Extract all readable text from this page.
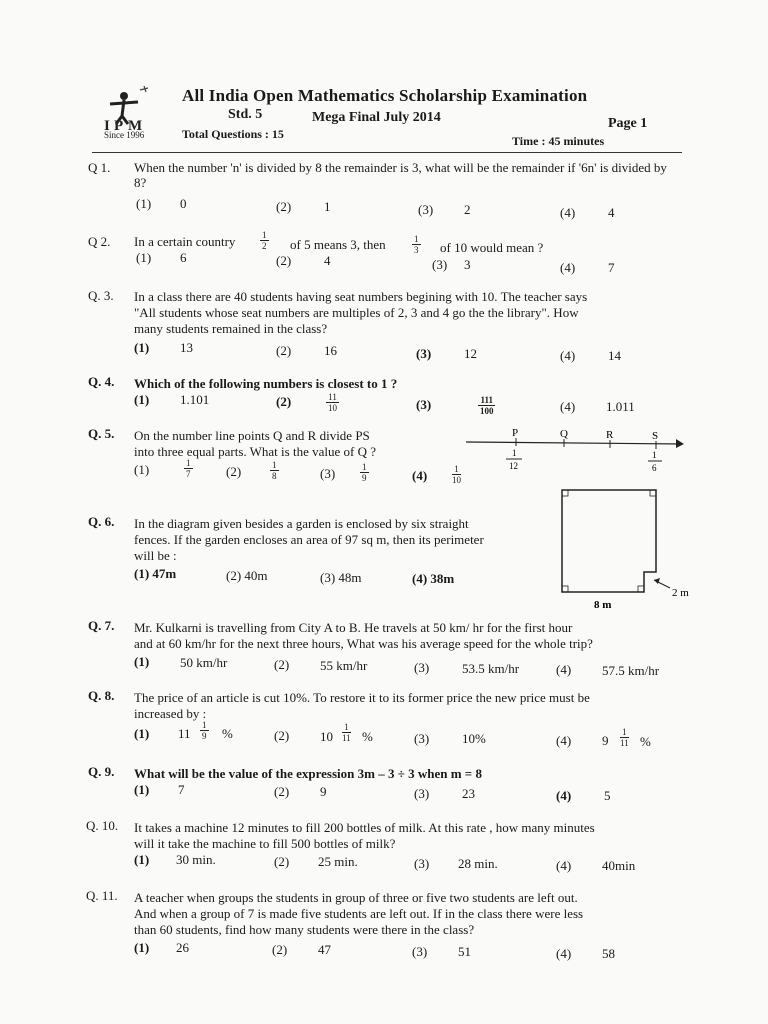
I P M
Since 1996
All India Open Mathematics Scholarship Examination
Std. 5	Mega Final July 2014	Page 1
Total Questions : 15	Time : 45 minutes
Q 1. When the number 'n' is divided by 8 the remainder is 3, what will be the remainder if '6n' is divided by 8?
(1) 0	(2)	1	(3) 2	(4)	4
Q 2. In a certain country	$\frac{1}{2}$ of 5 means 3, then	$\frac{1}{3}$ of 10 would mean ?
(1) 6	(2)	4	(3) 3	(4)	7
Q. 3. In a class there are 40 students having seat numbers begining with 10. The teacher says
"All students whose seat numbers are multiples of 2, 3 and 4 go the the library". How
many students remained in the class?
(1) 13	(2)	16	(3)	12	(4)	14
Q. 4. Which of the following numbers is closest to 1 ?
(1) 1.101	(2)	$\frac{11}{10}$	(3)	$\frac{111}{100}$	(4) 1.011
Q. 5. On the number line points Q and R divide PS
into three equal parts. What is the value of Q ?
(1)	$\frac{1}{7}$	(2)	$\frac{1}{8}$	(3)	$\frac{1}{9}$	(4)	$\frac{1}{10}$
P	Q	R	S
1
12
1
6
Q. 6. In the diagram given besides a garden is enclosed by six straight
fences. If the garden encloses an area of 97 sq m, then its perimeter
will be :
(1) 47m	(2) 40m	(3) 48m	(4) 38m
2 m
8 m
Q. 7. Mr. Kulkarni is travelling from City A to B. He travels at 50 km/ hr for the first hour
and at 60 km/hr for the next three hours, What was his average speed for the whole trip?
(1) 50 km/hr	(2) 55 km/hr	(3)	53.5 km/hr	(4) 57.5 km/hr
Q. 8. The price of an article is cut 10%. To restore it to its former price the new price must be
increased by :
(1) $11 \frac{1}{9}$ %	(2) $10 \frac{1}{11}$ %	(3)	10%	(4) $9 \frac{1}{11}$ %
Q. 9. What will be the value of the expression 3m – 3 ÷ 3 when m = 8
(1) 7	(2) 9	(3)	23	(4)	5
Q. 10. It takes a machine 12 minutes to fill 200 bottles of milk. At this rate , how many minutes
will it take the machine to fill 500 bottles of milk?
(1) 30 min.	(2) 25 min.	(3) 28 min.	(4) 40min
Q. 11. A teacher when groups the students in group of three or five two students are left out.
And when a group of 7 is made five students are left out. If in the class there were less
than 60 students, find how many students were there in the class?
(1) 26	(2) 47	(3) 51	(4) 58
